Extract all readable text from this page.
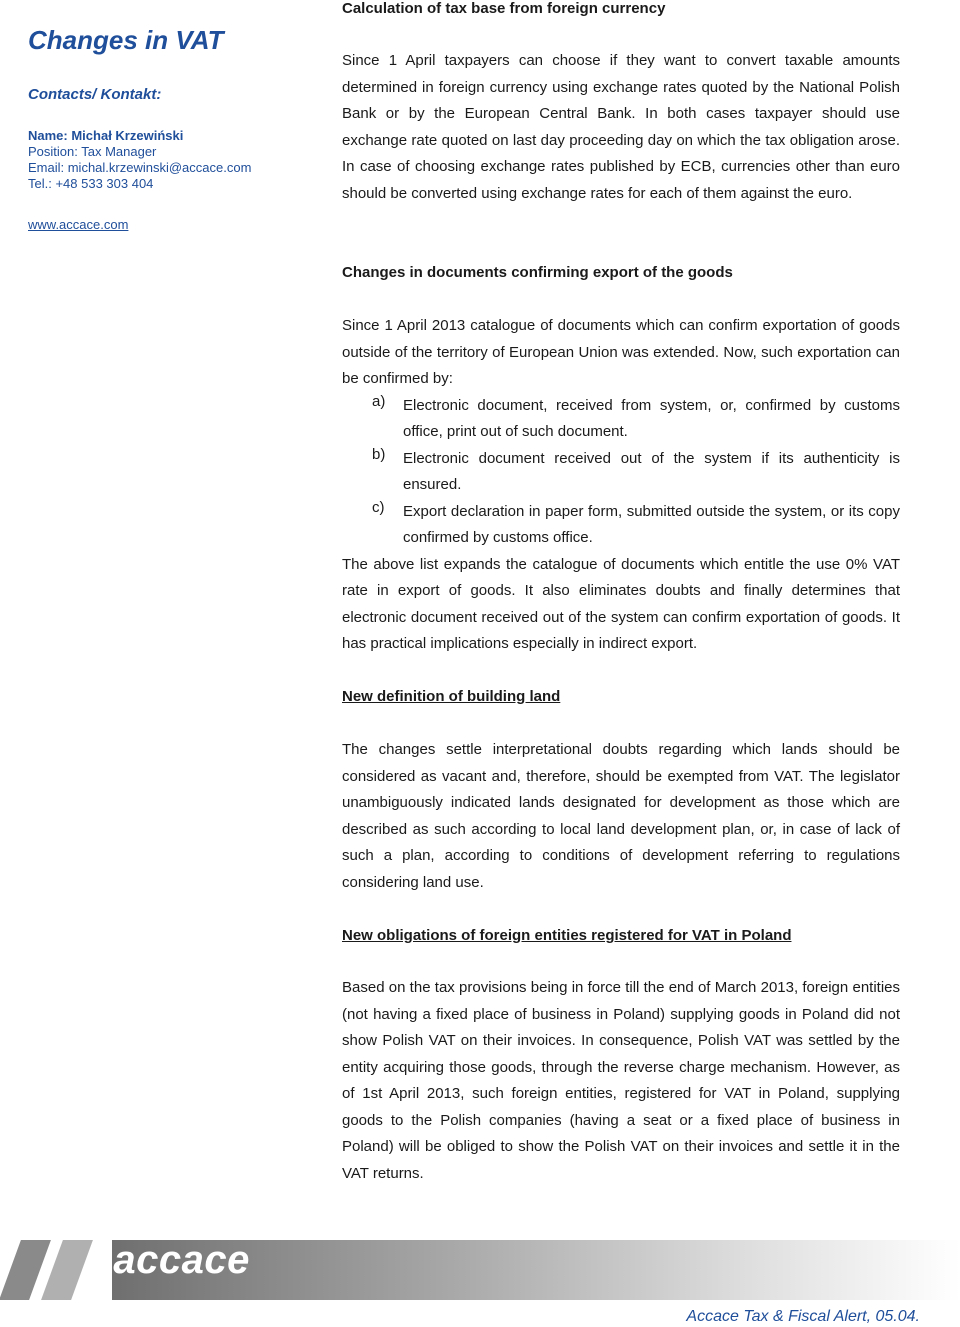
Changes in VAT
Contacts/ Kontakt:
Name: Michał Krzewiński
Position: Tax Manager
Email: michal.krzewinski@accace.com
Tel.: +48 533 303 404
www.accace.com
Calculation of tax base from foreign currency

Since 1 April taxpayers can choose if they want to convert taxable amounts determined in foreign currency using exchange rates quoted by the National Polish Bank or by the European Central Bank. In both cases taxpayer should use exchange rate quoted on last day proceeding day on which the tax obligation arose. In case of choosing exchange rates published by ECB, currencies other than euro should be converted using exchange rates for each of them against the euro.

Changes in documents confirming export of the goods

Since 1 April 2013 catalogue of documents which can confirm exportation of goods outside of the territory of European Union was extended. Now, such exportation can be confirmed by:

a) Electronic document, received from system, or, confirmed by customs office, print out of such document.

b) Electronic document received out of the system if its authenticity is ensured.

c) Export declaration in paper form, submitted outside the system, or its copy confirmed by customs office.

The above list expands the catalogue of documents which entitle the use 0% VAT rate in export of goods. It also eliminates doubts and finally determines that electronic document received out of the system can confirm exportation of goods. It has practical implications especially in indirect export.

New definition of building land

The changes settle interpretational doubts regarding which lands should be considered as vacant and, therefore, should be exempted from VAT. The legislator unambiguously indicated lands designated for development as those which are described as such according to local land development plan, or, in case of lack of such a plan, according to conditions of development referring to regulations considering land use.

New obligations of foreign entities registered for VAT in Poland

Based on the tax provisions being in force till the end of March 2013, foreign entities (not having a fixed place of business in Poland) supplying goods in Poland did not show Polish VAT on their invoices. In consequence, Polish VAT was settled by the entity acquiring those goods, through the reverse charge mechanism. However, as of 1st April 2013, such foreign entities, registered for VAT in Poland, supplying goods to the Polish companies (having a seat or a fixed place of business in Poland) will be obliged to show the Polish VAT on their invoices and settle it in the VAT returns.

.:accace
Accace Tax & Fiscal Alert, 05.04.
